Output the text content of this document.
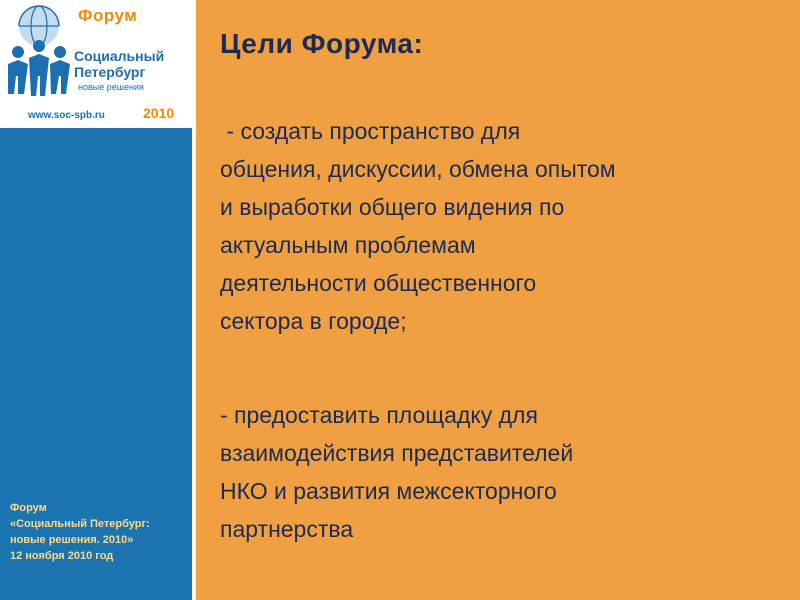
Форум
Социальный
Петербург
новые решения
www.soc-spb.ru	2010
Форум
«Социальный Петербург:
новые решения. 2010»
12 ноября 2010 год
Цели Форума:
- создать пространство для
общения, дискуссии, обмена опытом
и выработки общего видения по
актуальным проблемам
деятельности общественного
сектора в городе;
- предоставить площадку для
взаимодействия представителей
НКО и развития межсекторного
партнерства
